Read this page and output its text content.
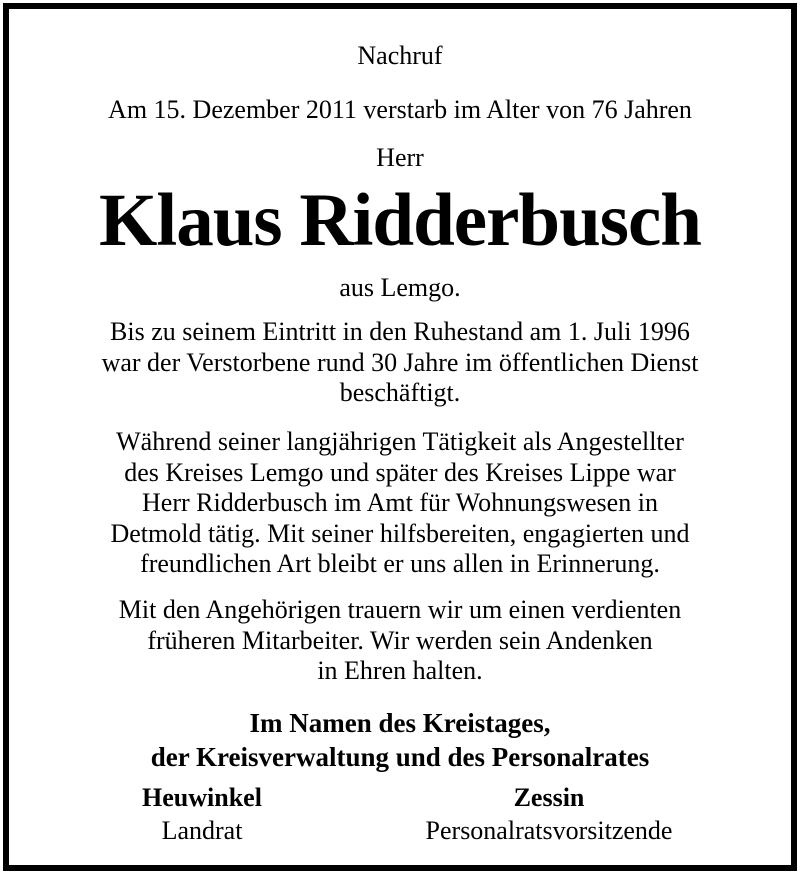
Nachruf
Am 15. Dezember 2011 verstarb im Alter von 76 Jahren
Herr
Klaus Ridderbusch
aus Lemgo.
Bis zu seinem Eintritt in den Ruhestand am 1. Juli 1996
war der Verstorbene rund 30 Jahre im öffentlichen Dienst
beschäftigt.
Während seiner langjährigen Tätigkeit als Angestellter
des Kreises Lemgo und später des Kreises Lippe war
Herr Ridderbusch im Amt für Wohnungswesen in
Detmold tätig. Mit seiner hilfsbereiten, engagierten und
freundlichen Art bleibt er uns allen in Erinnerung.
Mit den Angehörigen trauern wir um einen verdienten
früheren Mitarbeiter. Wir werden sein Andenken
in Ehren halten.
Im Namen des Kreistages,
der Kreisverwaltung und des Personalrates
Heuwinkel
Landrat
Zessin
Personalratsvorsitzende
